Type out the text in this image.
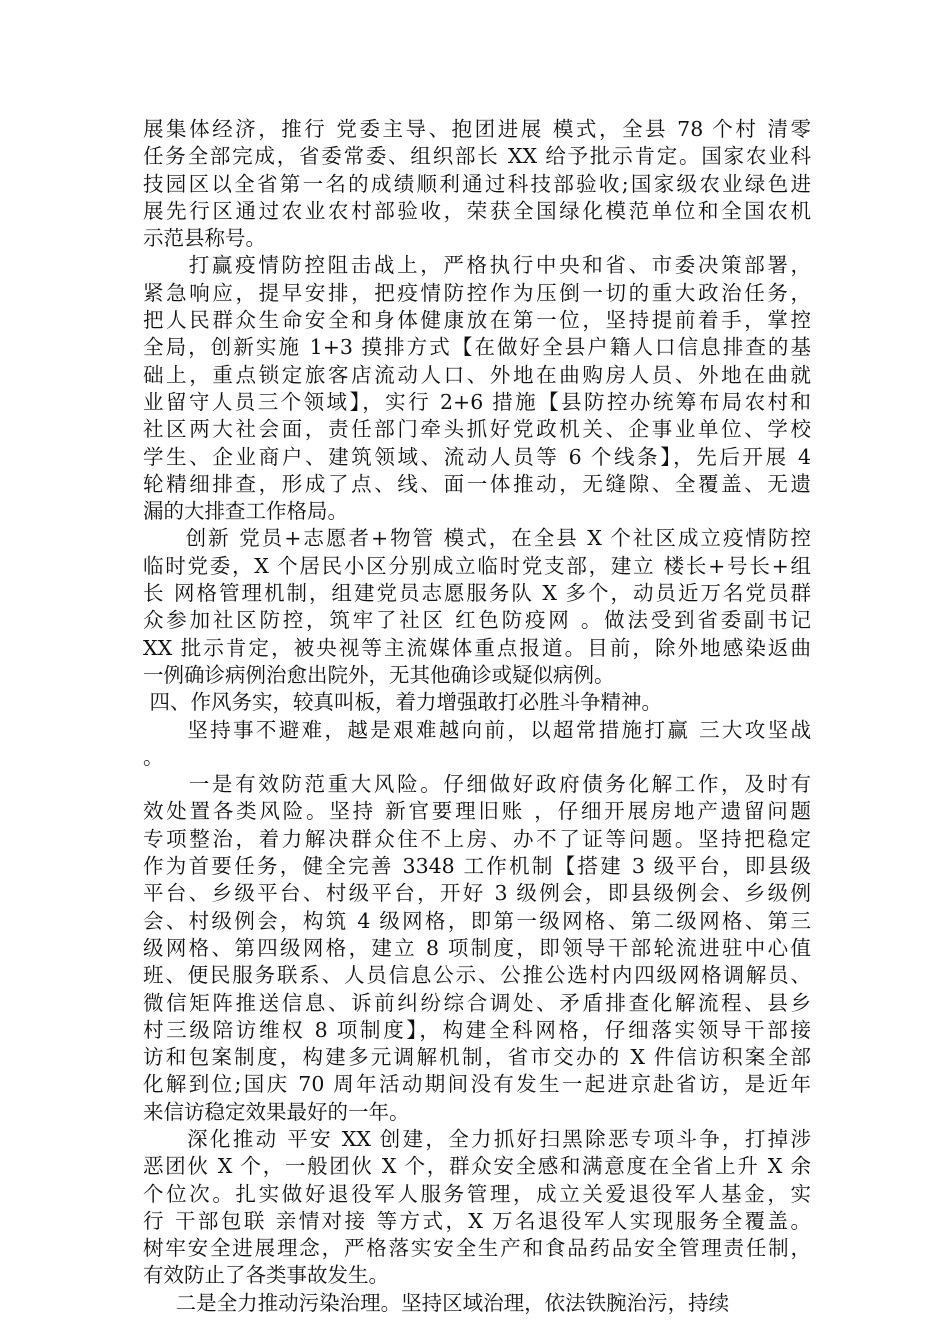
展集体经济，推行 党委主导、抱团进展 模式，全县 78 个村 清零
任务全部完成，省委常委、组织部长 XX 给予批示肯定。国家农业科
技园区以全省第一名的成绩顺利通过科技部验收;国家级农业绿色进
展先行区通过农业农村部验收，荣获全国绿化模范单位和全国农机
示范县称号。
打赢疫情防控阻击战上，严格执行中央和省、市委决策部署，
紧急响应，提早安排，把疫情防控作为压倒一切的重大政治任务，
把人民群众生命安全和身体健康放在第一位，坚持提前着手，掌控
全局，创新实施 1+3 摸排方式【在做好全县户籍人口信息排查的基
础上，重点锁定旅客店流动人口、外地在曲购房人员、外地在曲就
业留守人员三个领域】，实行 2+6 措施【县防控办统筹布局农村和
社区两大社会面，责任部门牵头抓好党政机关、企事业单位、学校
学生、企业商户、建筑领域、流动人员等 6 个线条】，先后开展 4
轮精细排查，形成了点、线、面一体推动，无缝隙、全覆盖、无遗
漏的大排查工作格局。
创新 党员+志愿者+物管 模式，在全县 X 个社区成立疫情防控
临时党委，X 个居民小区分别成立临时党支部，建立 楼长+号长+组
长 网格管理机制，组建党员志愿服务队 X 多个，动员近万名党员群
众参加社区防控，筑牢了社区 红色防疫网 。做法受到省委副书记
XX 批示肯定，被央视等主流媒体重点报道。目前，除外地感染返曲
一例确诊病例治愈出院外，无其他确诊或疑似病例。
四、作风务实，较真叫板，着力增强敢打必胜斗争精神。
坚持事不避难，越是艰难越向前，以超常措施打赢 三大攻坚战
。
一是有效防范重大风险。仔细做好政府债务化解工作，及时有
效处置各类风险。坚持 新官要理旧账 ，仔细开展房地产遗留问题
专项整治，着力解决群众住不上房、办不了证等问题。坚持把稳定
作为首要任务，健全完善 3348 工作机制【搭建 3 级平台，即县级
平台、乡级平台、村级平台，开好 3 级例会，即县级例会、乡级例
会、村级例会，构筑 4 级网格，即第一级网格、第二级网格、第三
级网格、第四级网格，建立 8 项制度，即领导干部轮流进驻中心值
班、便民服务联系、人员信息公示、公推公选村内四级网格调解员、
微信矩阵推送信息、诉前纠纷综合调处、矛盾排查化解流程、县乡
村三级陪访维权 8 项制度】，构建全科网格，仔细落实领导干部接
访和包案制度，构建多元调解机制，省市交办的 X 件信访积案全部
化解到位;国庆 70 周年活动期间没有发生一起进京赴省访，是近年
来信访稳定效果最好的一年。
深化推动 平安 XX 创建，全力抓好扫黑除恶专项斗争，打掉涉
恶团伙 X 个，一般团伙 X 个，群众安全感和满意度在全省上升 X 余
个位次。扎实做好退役军人服务管理，成立关爱退役军人基金，实
行 干部包联 亲情对接 等方式，X 万名退役军人实现服务全覆盖。
树牢安全进展理念，严格落实安全生产和食品药品安全管理责任制，
有效防止了各类事故发生。
二是全力推动污染治理。坚持区域治理，依法铁腕治污，持续
